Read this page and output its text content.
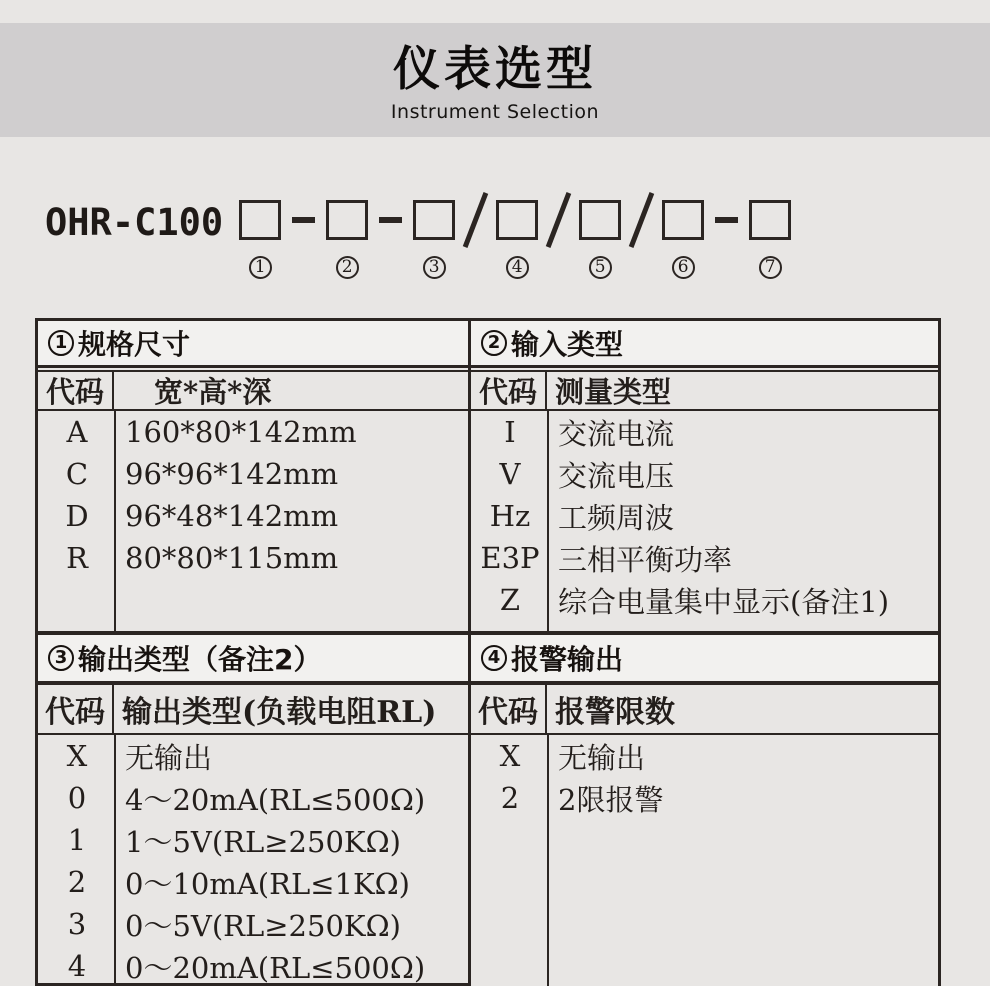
仪表选型
Instrument Selection
OHR-C100
1	2	3	4	5	6	7
1 规格尺寸
代码	宽*高*深
A	160*80*142mm
C	96*96*142mm
D	96*48*142mm
R	80*80*115mm
3 输出类型（备注2）
代码 输出类型(负载电阻RL)
X	无输出
0	4～20mA(RL≤500Ω)
1	1～5V(RL≥250KΩ)
2	0～10mA(RL≤1KΩ)
3	0～5V(RL≥250KΩ)
4	0～20mA(RL≤500Ω)
2 输入类型
代码 测量类型
I	交流电流
V	交流电压
Hz 工频周波
E3P 三相平衡功率
Z	综合电量集中显示(备注1)
4 报警输出
代码 报警限数
X	无输出
2	2限报警
